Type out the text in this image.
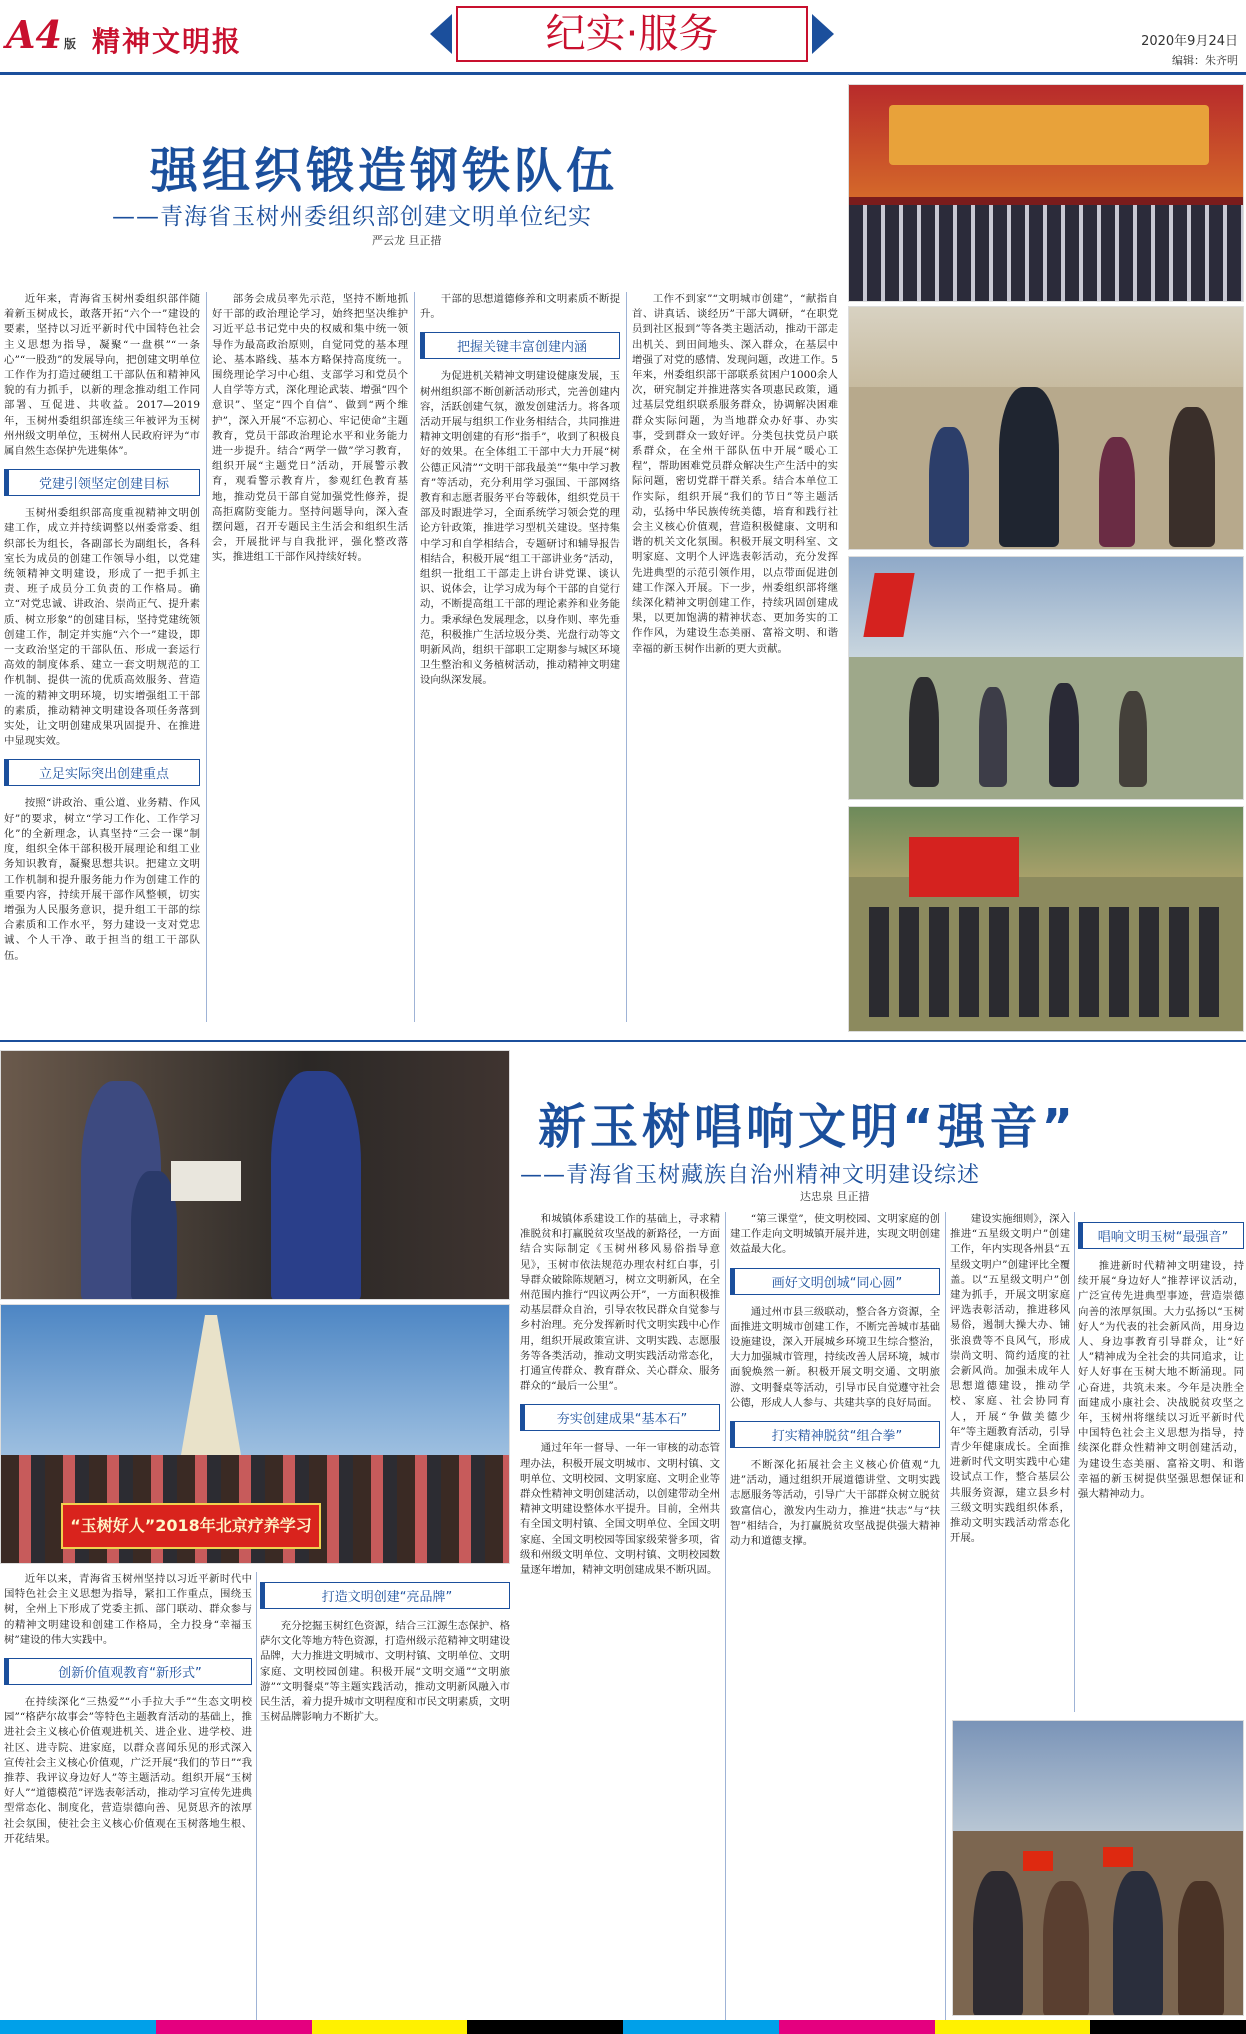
A4 版 精神文明报	纪实·服务	2020年9月24日
编辑：朱齐明
强组织锻造钢铁队伍
——青海省玉树州委组织部创建文明单位纪实
严云龙 旦正措

近年来，青海省玉树州委组织部伴随着新玉树成长，敢落开拓“六个一”建设的要素，坚持以习近平新时代中国特色社会主义思想为指导，凝聚“一盘棋”“一条心”“一股劲”的发展导向，把创建文明单位工作作为打造过硬组工干部队伍和精神风貌的有力抓手，以新的理念推动组工作同部署、互促进、共收益。2017—2019年，玉树州委组织部连续三年被评为玉树州州级文明单位，玉树州人民政府评为“市属自然生态保护先进集体”。

党建引领坚定创建目标

玉树州委组织部高度重视精神文明创建工作，成立并持续调整以州委常委、组织部长为组长，各副部长为副组长，各科室长为成员的创建工作领导小组，以党建统领精神文明建设，形成了一把手抓主责、班子成员分工负责的工作格局。确立“对党忠诚、讲政治、崇尚正气、提升素质、树立形象”的创建目标，坚持党建统领创建工作，制定并实施“六个一”建设，即一支政治坚定的干部队伍、形成一套运行高效的制度体系、建立一套文明规范的工作机制、提供一流的优质高效服务、营造一流的精神文明环境，切实增强组工干部的素质，推动精神文明建设各项任务落到实处，让文明创建成果巩固提升、在推进中显现实效。

立足实际突出创建重点

按照“讲政治、重公道、业务精、作风好”的要求，树立“学习工作化、工作学习化”的全新理念，认真坚持“三会一课”制度，组织全体干部积极开展理论和组工业务知识教育，凝聚思想共识。把建立文明工作机制和提升服务能力作为创建工作的重要内容，持续开展干部作风整顿，切实增强为人民服务意识，提升组工干部的综合素质和工作水平，努力建设一支对党忠诚、个人干净、敢于担当的组工干部队伍。

部务会成员率先示范，坚持不断地抓好干部的政治理论学习，始终把坚决维护习近平总书记党中央的权威和集中统一领导作为最高政治原则，自觉同党的基本理论、基本路线、基本方略保持高度统一。围绕理论学习中心组、支部学习和党员个人自学等方式，深化理论武装、增强“四个意识”、坚定“四个自信”、做到“两个维护”，深入开展“不忘初心、牢记使命”主题教育，党员干部政治理论水平和业务能力进一步提升。结合“两学一做”学习教育，组织开展“主题党日”活动，开展警示教育，观看警示教育片，参观红色教育基地，推动党员干部自觉加强党性修养，提高拒腐防变能力。坚持问题导向，深入查摆问题，召开专题民主生活会和组织生活会，开展批评与自我批评，强化整改落实，推进组工干部作风持续好转。

干部的思想道德修养和文明素质不断提升。

把握关键丰富创建内涵

为促进机关精神文明建设健康发展，玉树州组织部不断创新活动形式，完善创建内容，活跃创建气氛，激发创建活力。将各项活动开展与组织工作业务相结合，共同推进精神文明创建的有形“指手”，收到了积极良好的效果。在全体组工干部中大力开展“树公德正风清”“文明干部我最美”“集中学习教育”等活动，充分利用学习强国、干部网络教育和志愿者服务平台等载体，组织党员干部及时跟进学习，全面系统学习领会党的理论方针政策，推进学习型机关建设。坚持集中学习和自学相结合，专题研讨和辅导报告相结合，积极开展“组工干部讲业务”活动，组织一批组工干部走上讲台讲党课、谈认识、说体会，让学习成为每个干部的自觉行动，不断提高组工干部的理论素养和业务能力。秉承绿色发展理念，以身作则、率先垂范，积极推广生活垃圾分类、光盘行动等文明新风尚，组织干部职工定期参与城区环境卫生整治和义务植树活动，推动精神文明建设向纵深发展。

工作不到家”“文明城市创建”，“献指自首、讲真话、谈经历”干部大调研，“在职党员到社区报到”等各类主题活动，推动干部走出机关、到田间地头、深入群众，在基层中增强了对党的感情、发现问题，改进工作。5年来，州委组织部干部联系贫困户1000余人次，研究制定并推进落实各项惠民政策，通过基层党组织联系服务群众，协调解决困难群众实际问题，为当地群众办好事、办实事，受到群众一致好评。分类包扶党员户联系群众，在全州干部队伍中开展“暖心工程”，帮助困难党员群众解决生产生活中的实际问题，密切党群干群关系。结合本单位工作实际，组织开展“我们的节日”等主题活动，弘扬中华民族传统美德，培育和践行社会主义核心价值观，营造积极健康、文明和谐的机关文化氛围。积极开展文明科室、文明家庭、文明个人评选表彰活动，充分发挥先进典型的示范引领作用，以点带面促进创建工作深入开展。下一步，州委组织部将继续深化精神文明创建工作，持续巩固创建成果，以更加饱满的精神状态、更加务实的工作作风，为建设生态美丽、富裕文明、和谐幸福的新玉树作出新的更大贡献。

“玉树好人”2018年北京疗养学习
新玉树唱响文明“强音”
——青海省玉树藏族自治州精神文明建设综述
达忠泉 旦正措

近年以来，青海省玉树州坚持以习近平新时代中国特色社会主义思想为指导，紧扣工作重点，围绕玉树，全州上下形成了党委主抓、部门联动、群众参与的精神文明建设和创建工作格局，全力投身“幸福玉树”建设的伟大实践中。

创新价值观教育“新形式”

在持续深化“三热爱”“小手拉大手”“生态文明校园”“格萨尔故事会”等特色主题教育活动的基础上，推进社会主义核心价值观进机关、进企业、进学校、进社区、进寺院、进家庭，以群众喜闻乐见的形式深入宣传社会主义核心价值观，广泛开展“我们的节日”“我推荐、我评议身边好人”等主题活动。组织开展“玉树好人”“道德模范”评选表彰活动，推动学习宣传先进典型常态化、制度化，营造崇德向善、见贤思齐的浓厚社会氛围，使社会主义核心价值观在玉树落地生根、开花结果。

打造文明创建“亮品牌”

充分挖掘玉树红色资源，结合三江源生态保护、格萨尔文化等地方特色资源，打造州级示范精神文明建设品牌，大力推进文明城市、文明村镇、文明单位、文明家庭、文明校园创建。积极开展“文明交通”“文明旅游”“文明餐桌”等主题实践活动，推动文明新风融入市民生活，着力提升城市文明程度和市民文明素质，文明玉树品牌影响力不断扩大。

和城镇体系建设工作的基础上，寻求精准脱贫和打赢脱贫攻坚战的新路径，一方面结合实际制定《玉树州移风易俗指导意见》，玉树市依法规范办理农村红白事，引导群众破除陈规陋习，树立文明新风，在全州范围内推行“四议两公开”，一方面积极推动基层群众自治，引导农牧民群众自觉参与乡村治理。充分发挥新时代文明实践中心作用，组织开展政策宣讲、文明实践、志愿服务等各类活动，推动文明实践活动常态化，打通宣传群众、教育群众、关心群众、服务群众的“最后一公里”。

夯实创建成果“基本石”

通过年年一督导、一年一审核的动态管理办法，积极开展文明城市、文明村镇、文明单位、文明校园、文明家庭、文明企业等群众性精神文明创建活动，以创建带动全州精神文明建设整体水平提升。目前，全州共有全国文明村镇、全国文明单位、全国文明家庭、全国文明校园等国家级荣誉多项，省级和州级文明单位、文明村镇、文明校园数量逐年增加，精神文明创建成果不断巩固。

“第三课堂”，使文明校园、文明家庭的创建工作走向文明城镇开展并进，实现文明创建效益最大化。

画好文明创城“同心圆”

通过州市县三级联动，整合各方资源，全面推进文明城市创建工作，不断完善城市基础设施建设，深入开展城乡环境卫生综合整治，大力加强城市管理，持续改善人居环境，城市面貌焕然一新。积极开展文明交通、文明旅游、文明餐桌等活动，引导市民自觉遵守社会公德，形成人人参与、共建共享的良好局面。

打实精神脱贫“组合拳”

不断深化拓展社会主义核心价值观“九进”活动，通过组织开展道德讲堂、文明实践志愿服务等活动，引导广大干部群众树立脱贫致富信心，激发内生动力，推进“扶志”与“扶智”相结合，为打赢脱贫攻坚战提供强大精神动力和道德支撑。

建设实施细则》，深入推进“五星级文明户”创建工作，年内实现各州县“五星级文明户”创建评比全覆盖。以“五星级文明户”创建为抓手，开展文明家庭评选表彰活动，推进移风易俗，遏制大操大办、铺张浪费等不良风气，形成崇尚文明、简约适度的社会新风尚。加强未成年人思想道德建设，推动学校、家庭、社会协同育人，开展“争做美德少年”等主题教育活动，引导青少年健康成长。全面推进新时代文明实践中心建设试点工作，整合基层公共服务资源，建立县乡村三级文明实践组织体系，推动文明实践活动常态化开展。

唱响文明玉树“最强音”

推进新时代精神文明建设，持续开展“身边好人”推荐评议活动，广泛宣传先进典型事迹，营造崇德向善的浓厚氛围。大力弘扬以“玉树好人”为代表的社会新风尚，用身边人、身边事教育引导群众，让“好人”精神成为全社会的共同追求，让好人好事在玉树大地不断涌现。同心奋进，共筑未来。今年是决胜全面建成小康社会、决战脱贫攻坚之年，玉树州将继续以习近平新时代中国特色社会主义思想为指导，持续深化群众性精神文明创建活动，为建设生态美丽、富裕文明、和谐幸福的新玉树提供坚强思想保证和强大精神动力。
